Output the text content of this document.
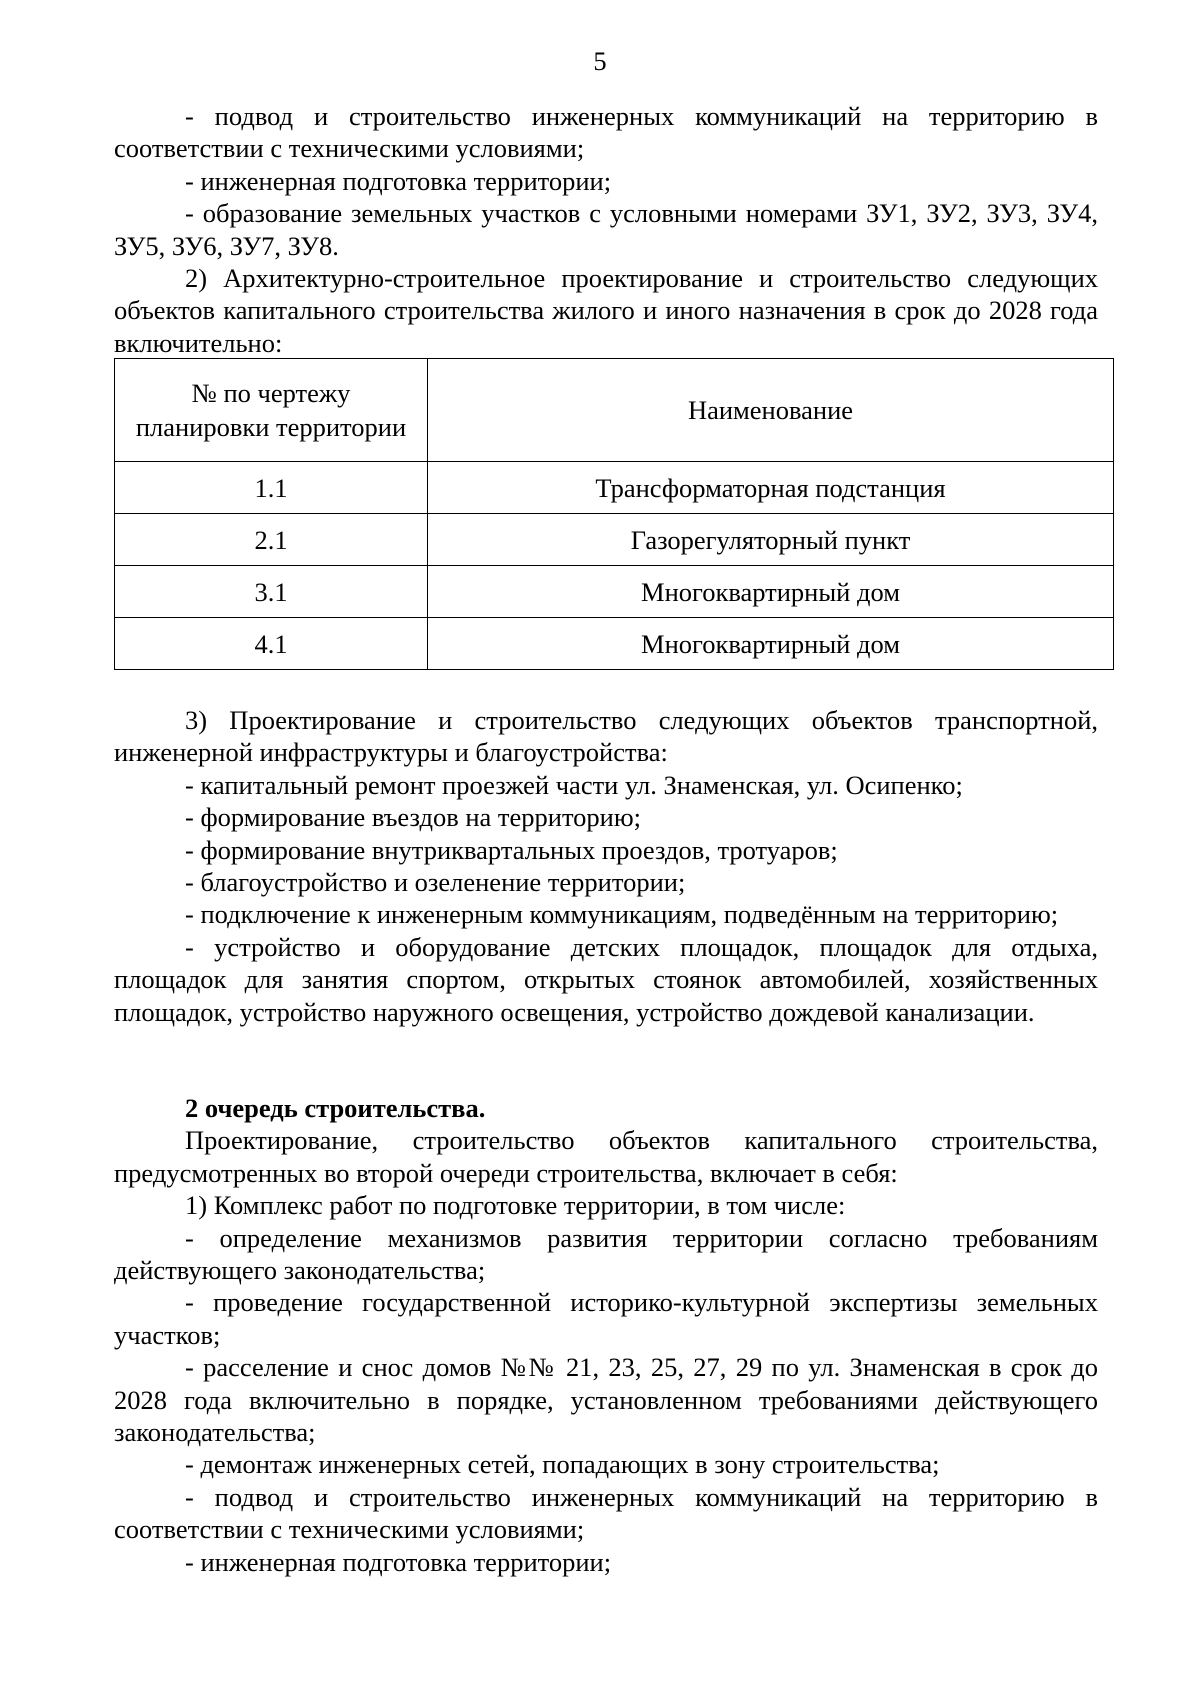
5

- подвод и строительство инженерных коммуникаций на территорию в соответствии с техническими условиями;

- инженерная подготовка территории;

- образование земельных участков с условными номерами ЗУ1, ЗУ2, ЗУ3, ЗУ4, ЗУ5, ЗУ6, ЗУ7, ЗУ8.

2) Архитектурно-строительное проектирование и строительство следующих объектов капитального строительства жилого и иного назначения в срок до 2028 года включительно:

№ по чертежу планировки территории	Наименование
1.1	Трансформаторная подстанция
2.1	Газорегуляторный пункт
3.1	Многоквартирный дом
4.1	Многоквартирный дом

3) Проектирование и строительство следующих объектов транспортной, инженерной инфраструктуры и благоустройства:

- капитальный ремонт проезжей части ул. Знаменская, ул. Осипенко;

- формирование въездов на территорию;

- формирование внутриквартальных проездов, тротуаров;

- благоустройство и озеленение территории;

- подключение к инженерным коммуникациям, подведённым на территорию;

- устройство и оборудование детских площадок, площадок для отдыха, площадок для занятия спортом, открытых стоянок автомобилей, хозяйственных площадок, устройство наружного освещения, устройство дождевой канализации.

2 очередь строительства.

Проектирование, строительство объектов капитального строительства, предусмотренных во второй очереди строительства, включает в себя:

1) Комплекс работ по подготовке территории, в том числе:

- определение механизмов развития территории согласно требованиям действующего законодательства;

- проведение государственной историко-культурной экспертизы земельных участков;

- расселение и снос домов №№ 21, 23, 25, 27, 29 по ул. Знаменская в срок до 2028 года включительно в порядке, установленном требованиями действующего законодательства;

- демонтаж инженерных сетей, попадающих в зону строительства;

- подвод и строительство инженерных коммуникаций на территорию в соответствии с техническими условиями;

- инженерная подготовка территории;
